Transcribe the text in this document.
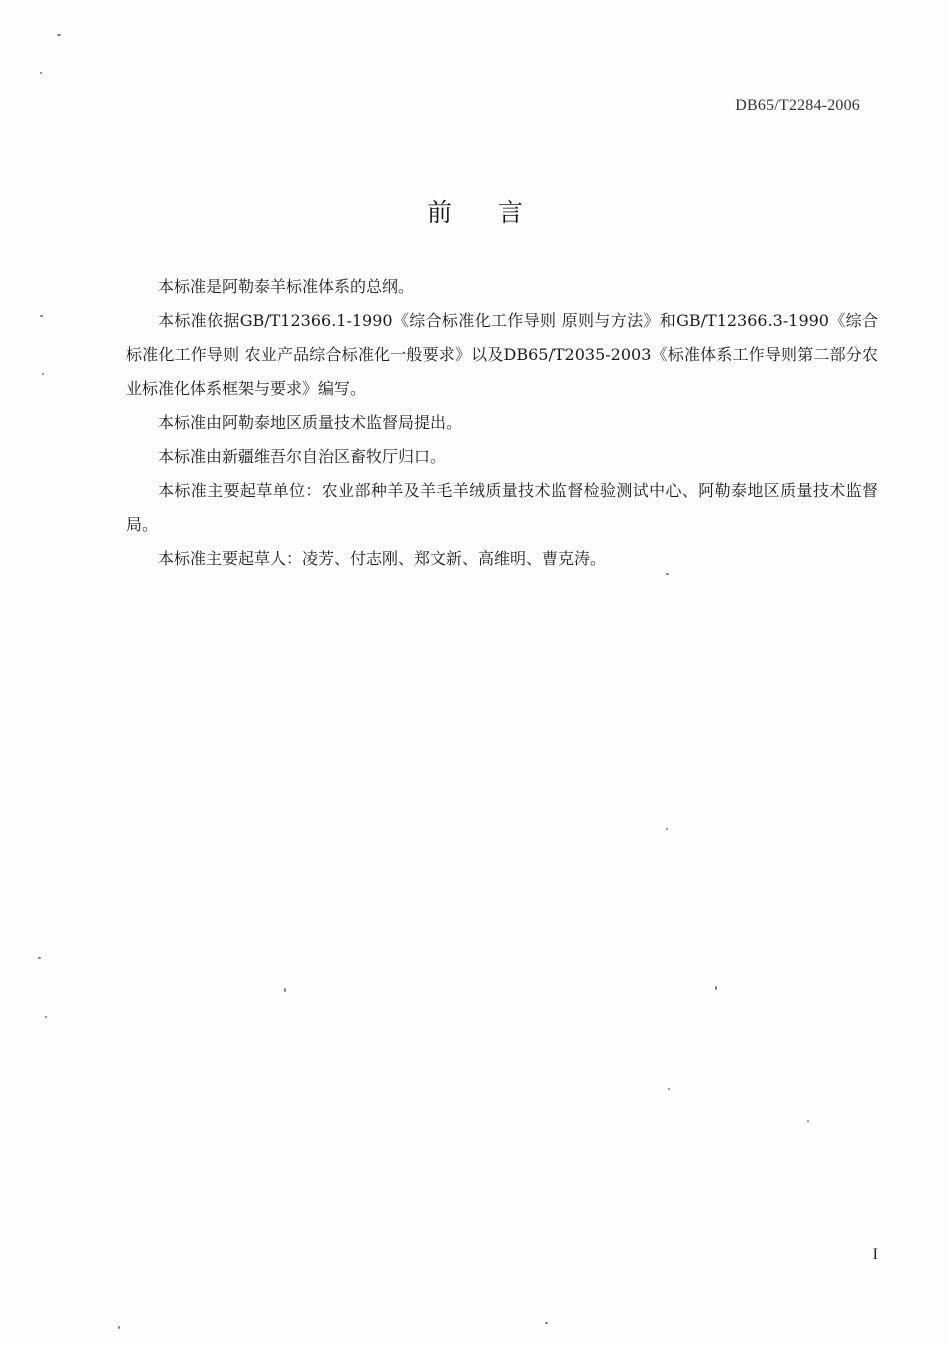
DB65/T2284-2006
前言

本标准是阿勒泰羊标准体系的总纲。

本标准依据GB/T12366.1-1990《综合标准化工作导则 原则与方法》和GB/T12366.3-1990《综合标准化工作导则 农业产品综合标准化一般要求》以及DB65/T2035-2003《标准体系工作导则第二部分农业标准化体系框架与要求》编写。

本标准由阿勒泰地区质量技术监督局提出。

本标准由新疆维吾尔自治区畜牧厅归口。

本标准主要起草单位：农业部种羊及羊毛羊绒质量技术监督检验测试中心、阿勒泰地区质量技术监督局。

本标准主要起草人：凌芳、付志刚、郑文新、高维明、曹克涛。

I
